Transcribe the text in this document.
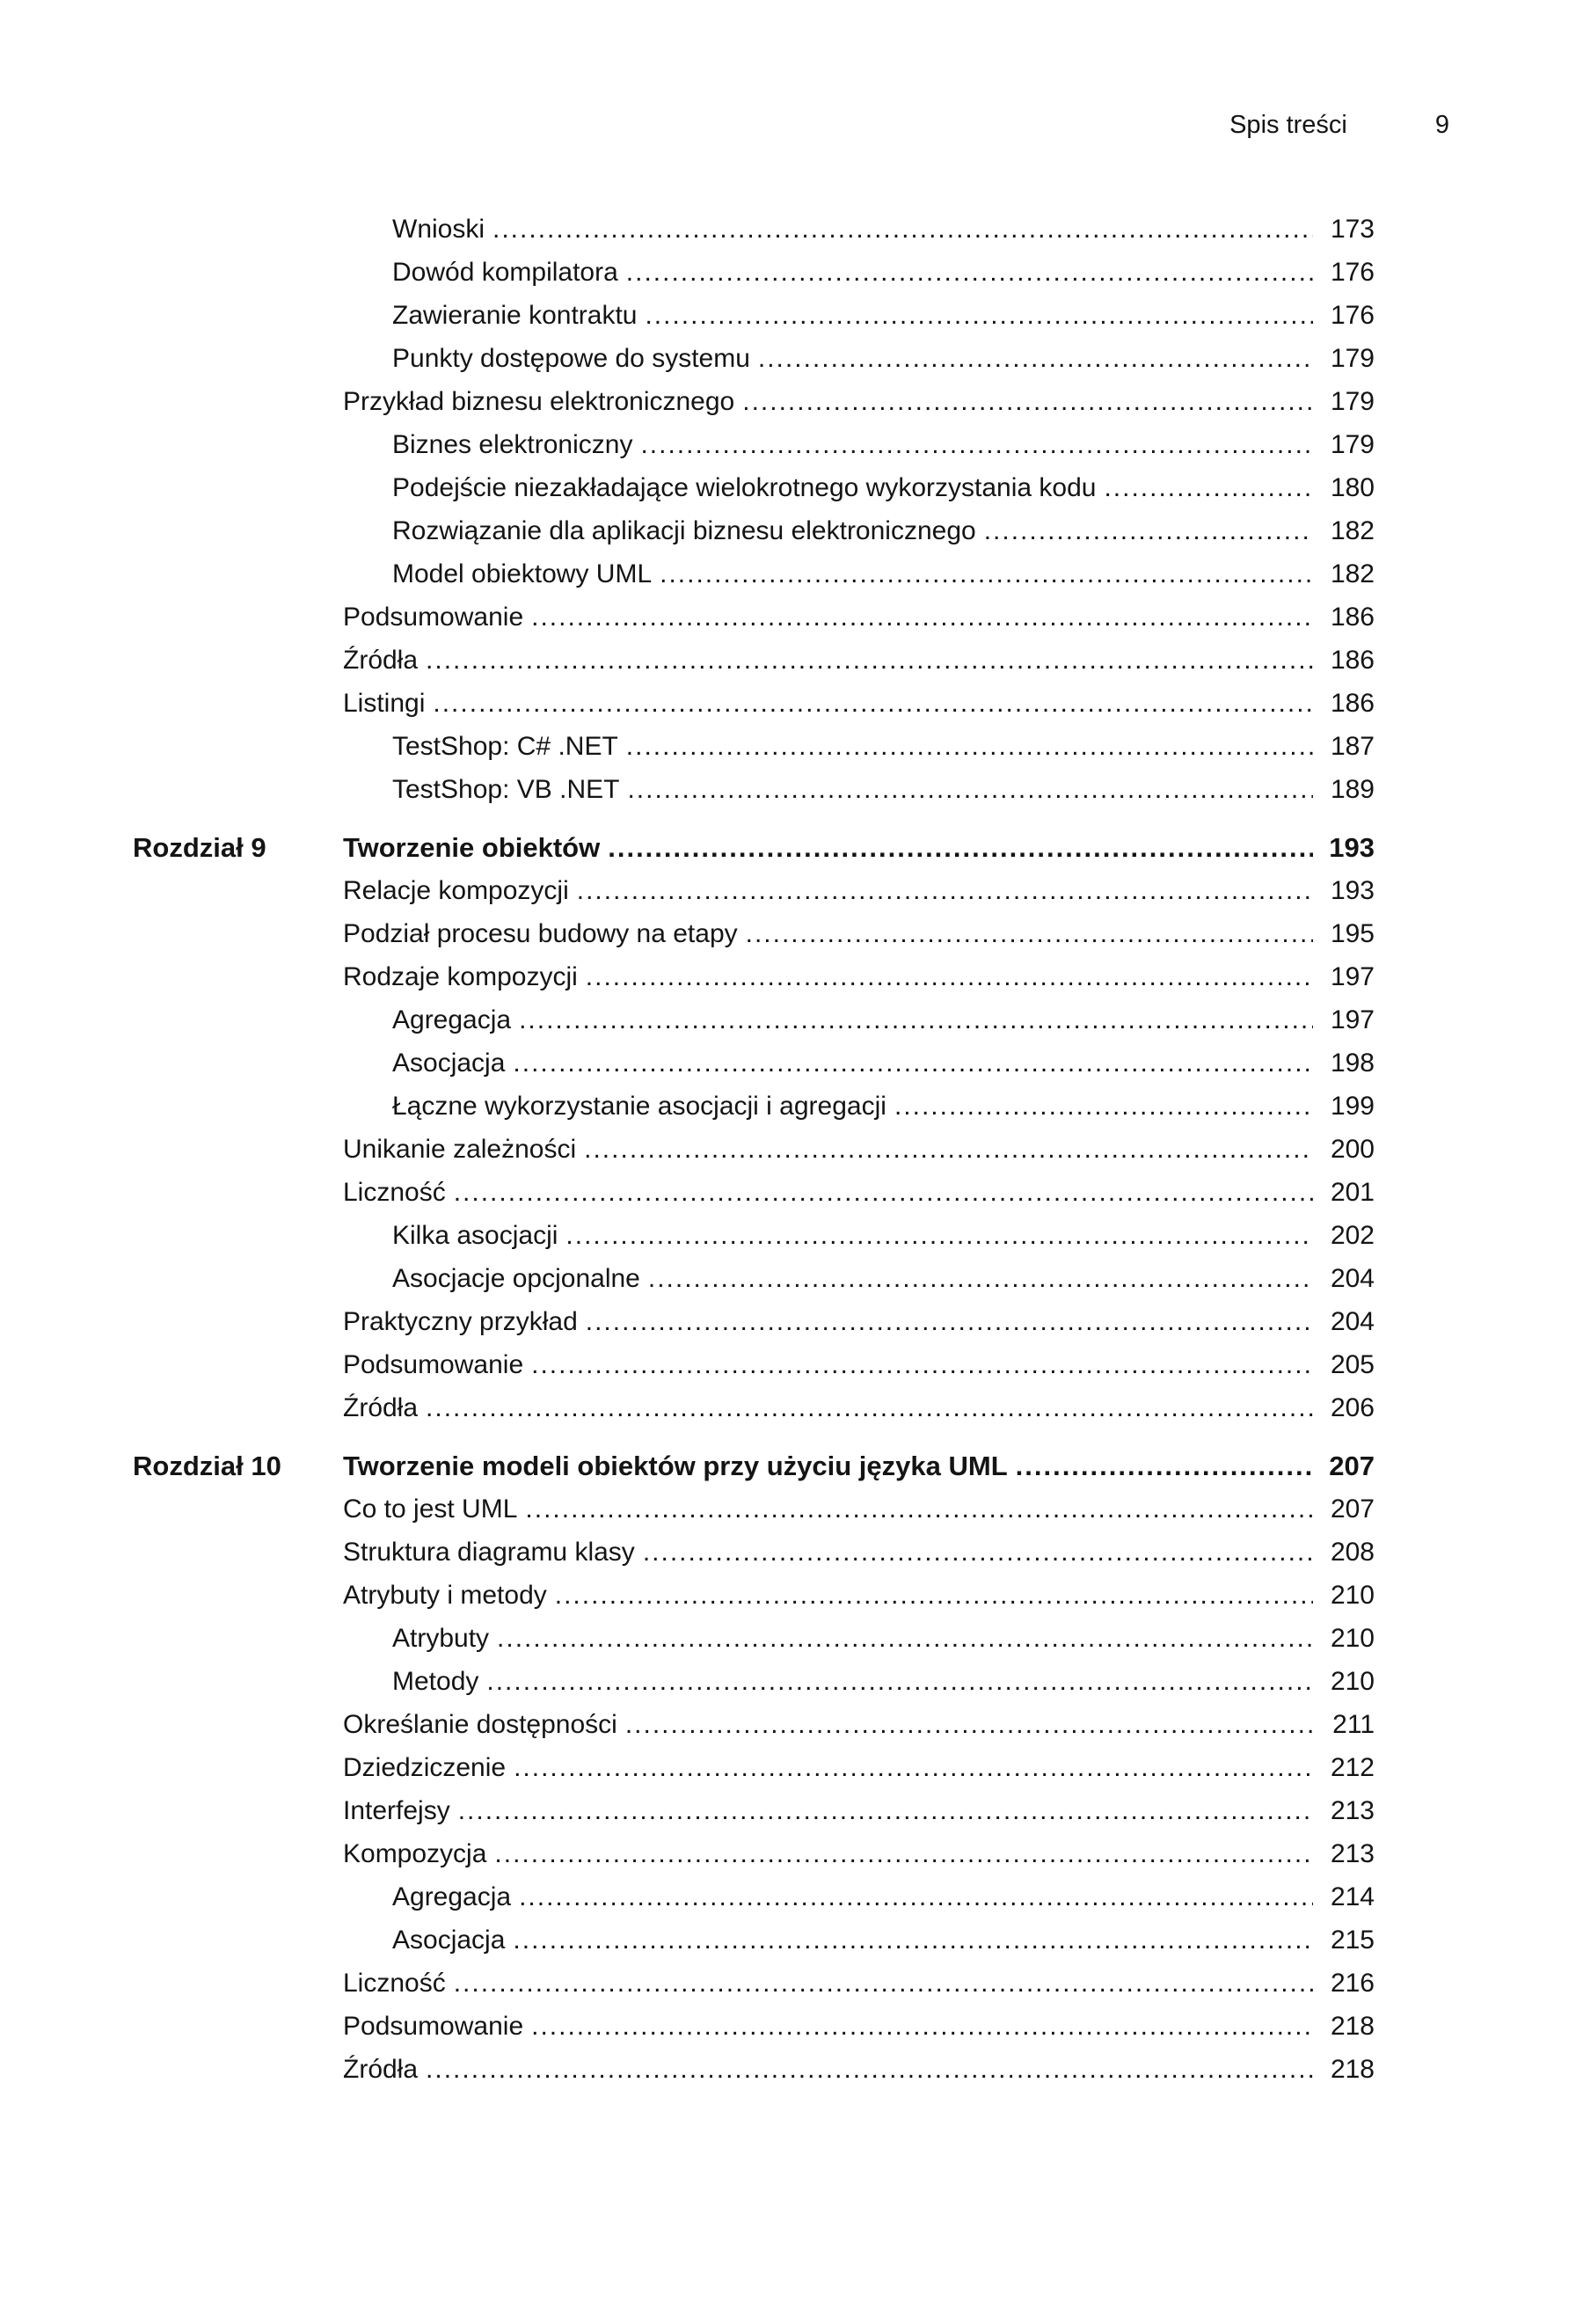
Spis treści	9
Wnioski .....	173
Dowód kompilatora .....	176
Zawieranie kontraktu .....	176
Punkty dostępowe do systemu .....	179
Przykład biznesu elektronicznego .....	179
Biznes elektroniczny .....	179
Podejście niezakładające wielokrotnego wykorzystania kodu .....	180
Rozwiązanie dla aplikacji biznesu elektronicznego .....	182
Model obiektowy UML .....	182
Podsumowanie .....	186
Źródła .....	186
Listingi .....	186
TestShop: C# .NET .....	187
TestShop: VB .NET .....	189
Rozdział 9	Tworzenie obiektów .....	193
Relacje kompozycji .....	193
Podział procesu budowy na etapy .....	195
Rodzaje kompozycji .....	197
Agregacja .....	197
Asocjacja .....	198
Łączne wykorzystanie asocjacji i agregacji .....	199
Unikanie zależności .....	200
Liczność .....	201
Kilka asocjacji .....	202
Asocjacje opcjonalne .....	204
Praktyczny przykład .....	204
Podsumowanie .....	205
Źródła .....	206
Rozdział 10	Tworzenie modeli obiektów przy użyciu języka UML .....	207
Co to jest UML .....	207
Struktura diagramu klasy .....	208
Atrybuty i metody .....	210
Atrybuty .....	210
Metody .....	210
Określanie dostępności .....	211
Dziedziczenie .....	212
Interfejsy .....	213
Kompozycja .....	213
Agregacja .....	214
Asocjacja .....	215
Liczność .....	216
Podsumowanie .....	218
Źródła .....	218
